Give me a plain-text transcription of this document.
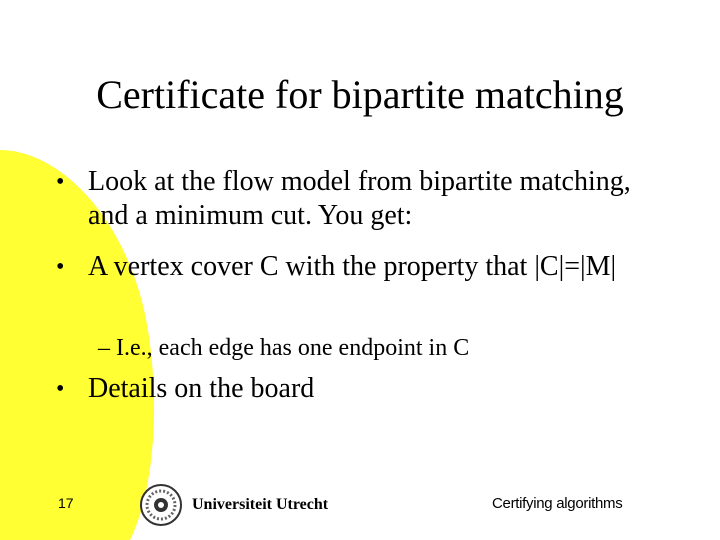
Certificate for bipartite matching
• Look at the flow model from bipartite matching, and a minimum cut. You get:
• A vertex cover C with the property that |C|=|M|
– I.e., each edge has one endpoint in C
• Details on the board
17	Universiteit Utrecht	Certifying algorithms
